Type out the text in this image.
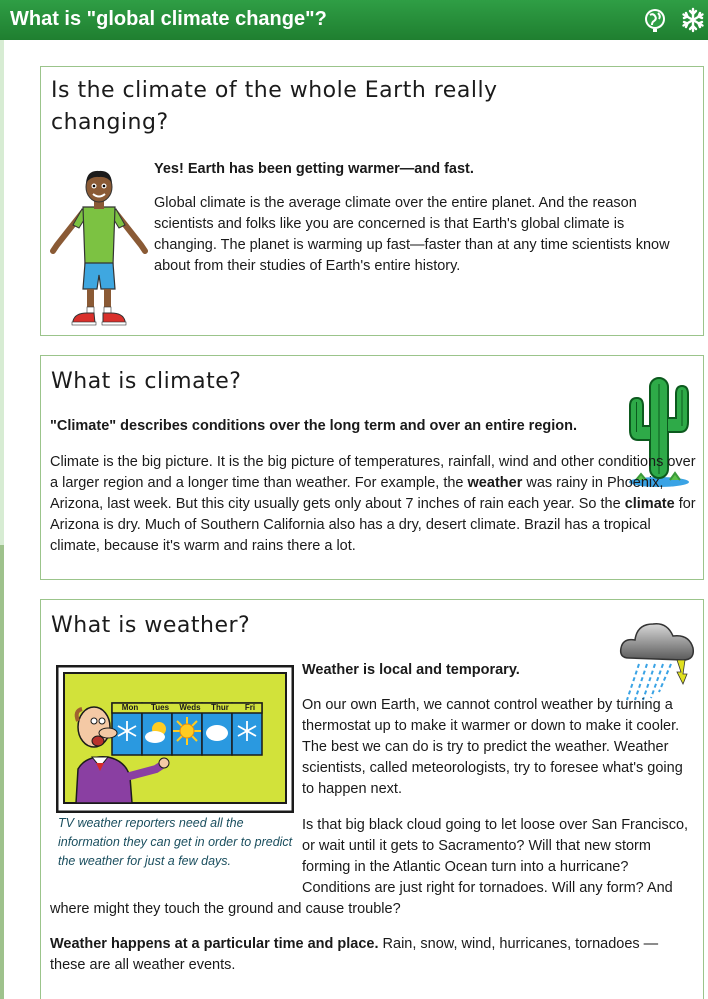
What is "global climate change"?
Is the climate of the whole Earth really
changing?

Yes! Earth has been getting warmer—and fast.

Global climate is the average climate over the entire planet. And the reason scientists and folks like you are concerned is that Earth's global climate is changing. The planet is warming up fast—faster than at any time scientists know about from their studies of Earth's entire history.

What is climate?

"Climate" describes conditions over the long term and over an entire region.

Climate is the big picture. It is the big picture of temperatures, rainfall, wind and other conditions over a larger region and a longer time than weather. For example, the weather was rainy in Phoenix, Arizona, last week. But this city usually gets only about 7 inches of rain each year. So the climate for Arizona is dry. Much of Southern California also has a dry, desert climate. Brazil has a tropical climate, because it's warm and rains there a lot.

What is weather?
Mon	Tues	Weds	Thur	Fri

TV weather reporters need all the information they can get in order to predict the weather for just a few days.

Weather is local and temporary.

On our own Earth, we cannot control weather by turning a thermostat up to make it warmer or down to make it cooler. The best we can do is try to predict the weather. Weather scientists, called meteorologists, try to foresee what's going to happen next.

Is that big black cloud going to let loose over San Francisco, or wait until it gets to Sacramento? Will that new storm forming in the Atlantic Ocean turn into a hurricane? Conditions are just right for tornadoes. Will any form? And

where might they touch the ground and cause trouble?

Weather happens at a particular time and place. Rain, snow, wind, hurricanes, tornadoes —these are all weather events.
